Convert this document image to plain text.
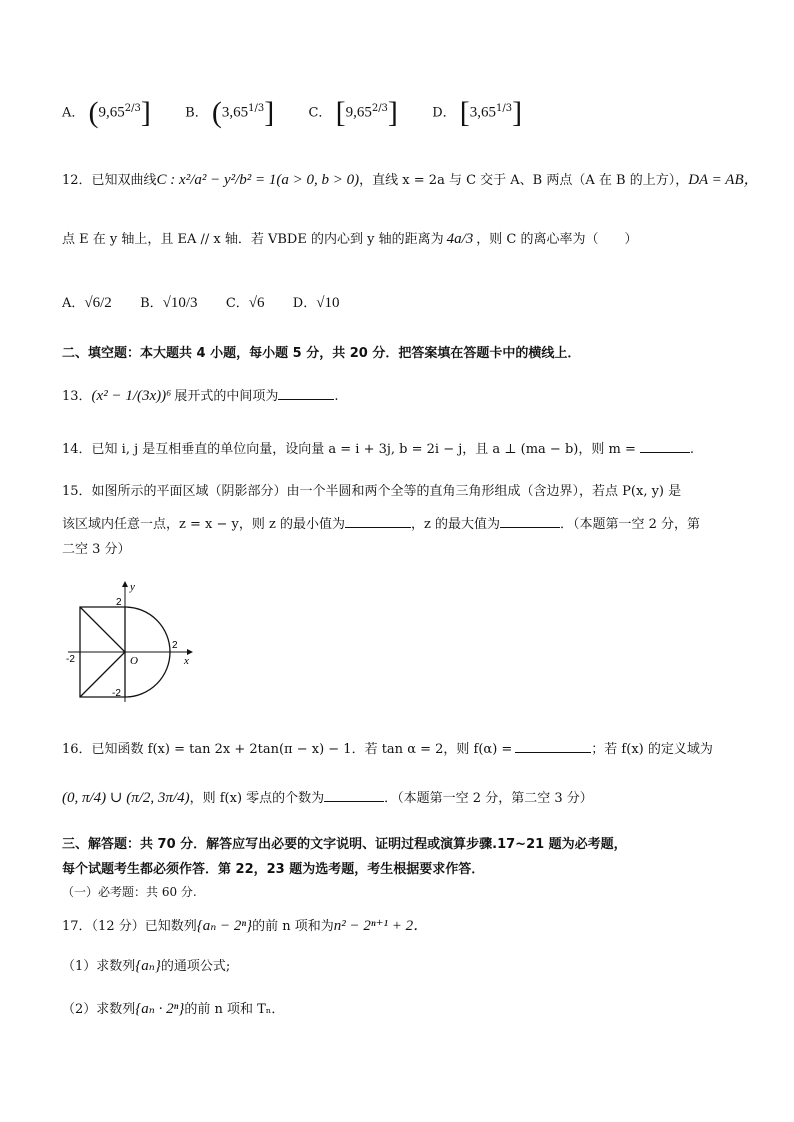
A． $(9,65^{2/3}]$	B． $(3,65^{1/3}]$	C． $[9,65^{2/3}]$	D． $[3,65^{1/3}]$
12．已知双曲线C : x²/a² − y²/b² = 1(a > 0, b > 0)，直线 x = 2a 与 C 交于 A、B 两点（A 在 B 的上方），DA = AB，
点 E 在 y 轴上，且 EA // x 轴．若 VBDE 的内心到 y 轴的距离为 4a/3 ，则 C 的离心率为（　　）
A．√6/2 B．√10/3 C．√6 D．√10
二、填空题：本大题共 4 小题，每小题 5 分，共 20 分．把答案填在答题卡中的横线上．
13．(x² − 1/(3x))⁶ 展开式的中间项为	.
14．已知 i, j 是互相垂直的单位向量，设向量 a = i + 3j, b = 2i − j，且 a ⊥ (ma − b)，则 m =	.
15．如图所示的平面区域（阴影部分）由一个半圆和两个全等的直角三角形组成（含边界），若点 P(x, y) 是
该区域内任意一点，z = x − y，则 z 的最小值为	，z 的最大值为	．（本题第一空 2 分，第
二空 3 分）
y
x
O
2
-2
-2
2
16．已知函数 f(x) = tan 2x + 2tan(π − x) − 1．若 tan α = 2，则 f(α) =	；若 f(x) 的定义域为
(0, π/4) ∪ (π/2, 3π/4)，则 f(x) 零点的个数为	．（本题第一空 2 分，第二空 3 分）
三、解答题：共 70 分．解答应写出必要的文字说明、证明过程或演算步骤.17~21 题为必考题，
每个试题考生都必须作答．第 22，23 题为选考题，考生根据要求作答．
（一）必考题：共 60 分.
17．（12 分）已知数列{aₙ − 2ⁿ}的前 n 项和为n² − 2ⁿ⁺¹ + 2．
（1）求数列{aₙ}的通项公式;
（2）求数列{aₙ · 2ⁿ}的前 n 项和 Tₙ．
